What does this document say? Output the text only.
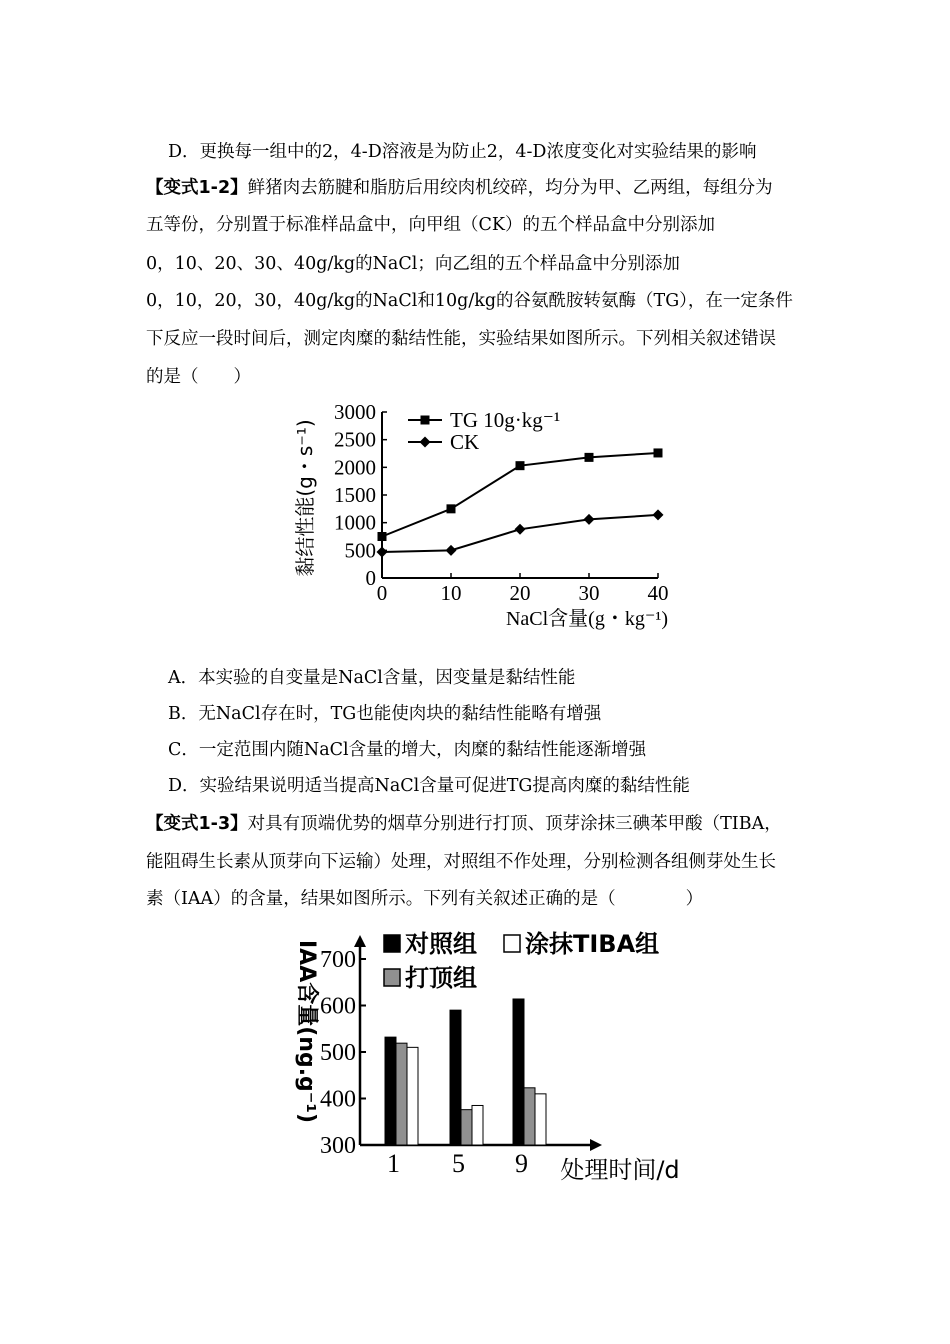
D．更换每一组中的2，4-D溶液是为防止2，4-D浓度变化对实验结果的影响
【变式1-2】鲜猪肉去筋腱和脂肪后用绞肉机绞碎，均分为甲、乙两组，每组分为
五等份，分别置于标准样品盒中，向甲组（CK）的五个样品盒中分别添加
0，10、20、30、40g/kg的NaCl；向乙组的五个样品盒中分别添加
0，10，20，30，40g/kg的NaCl和10g/kg的谷氨酰胺转氨酶（TG），在一定条件
下反应一段时间后，测定肉糜的黏结性能，实验结果如图所示。下列相关叙述错误
的是（　　）
0
500
1000
1500
2000
2500
3000
0	10 20 30 40
TG 10g·kg⁻¹
CK
黏结性能(g・s⁻¹)
NaCl含量(g・kg⁻¹)
A．本实验的自变量是NaCl含量，因变量是黏结性能
B．无NaCl存在时，TG也能使肉块的黏结性能略有增强
C．一定范围内随NaCl含量的增大，肉糜的黏结性能逐渐增强
D．实验结果说明适当提高NaCl含量可促进TG提高肉糜的黏结性能
【变式1-3】对具有顶端优势的烟草分别进行打顶、顶芽涂抹三碘苯甲酸（TIBA，
能阻碍生长素从顶芽向下运输）处理，对照组不作处理，分别检测各组侧芽处生长
素（IAA）的含量，结果如图所示。下列有关叙述正确的是（　　　　）
300
400
500
600
700
1 5 9
对照组
打顶组
涂抹TIBA组
IAA含量(ng.g⁻¹)
处理时间/d
